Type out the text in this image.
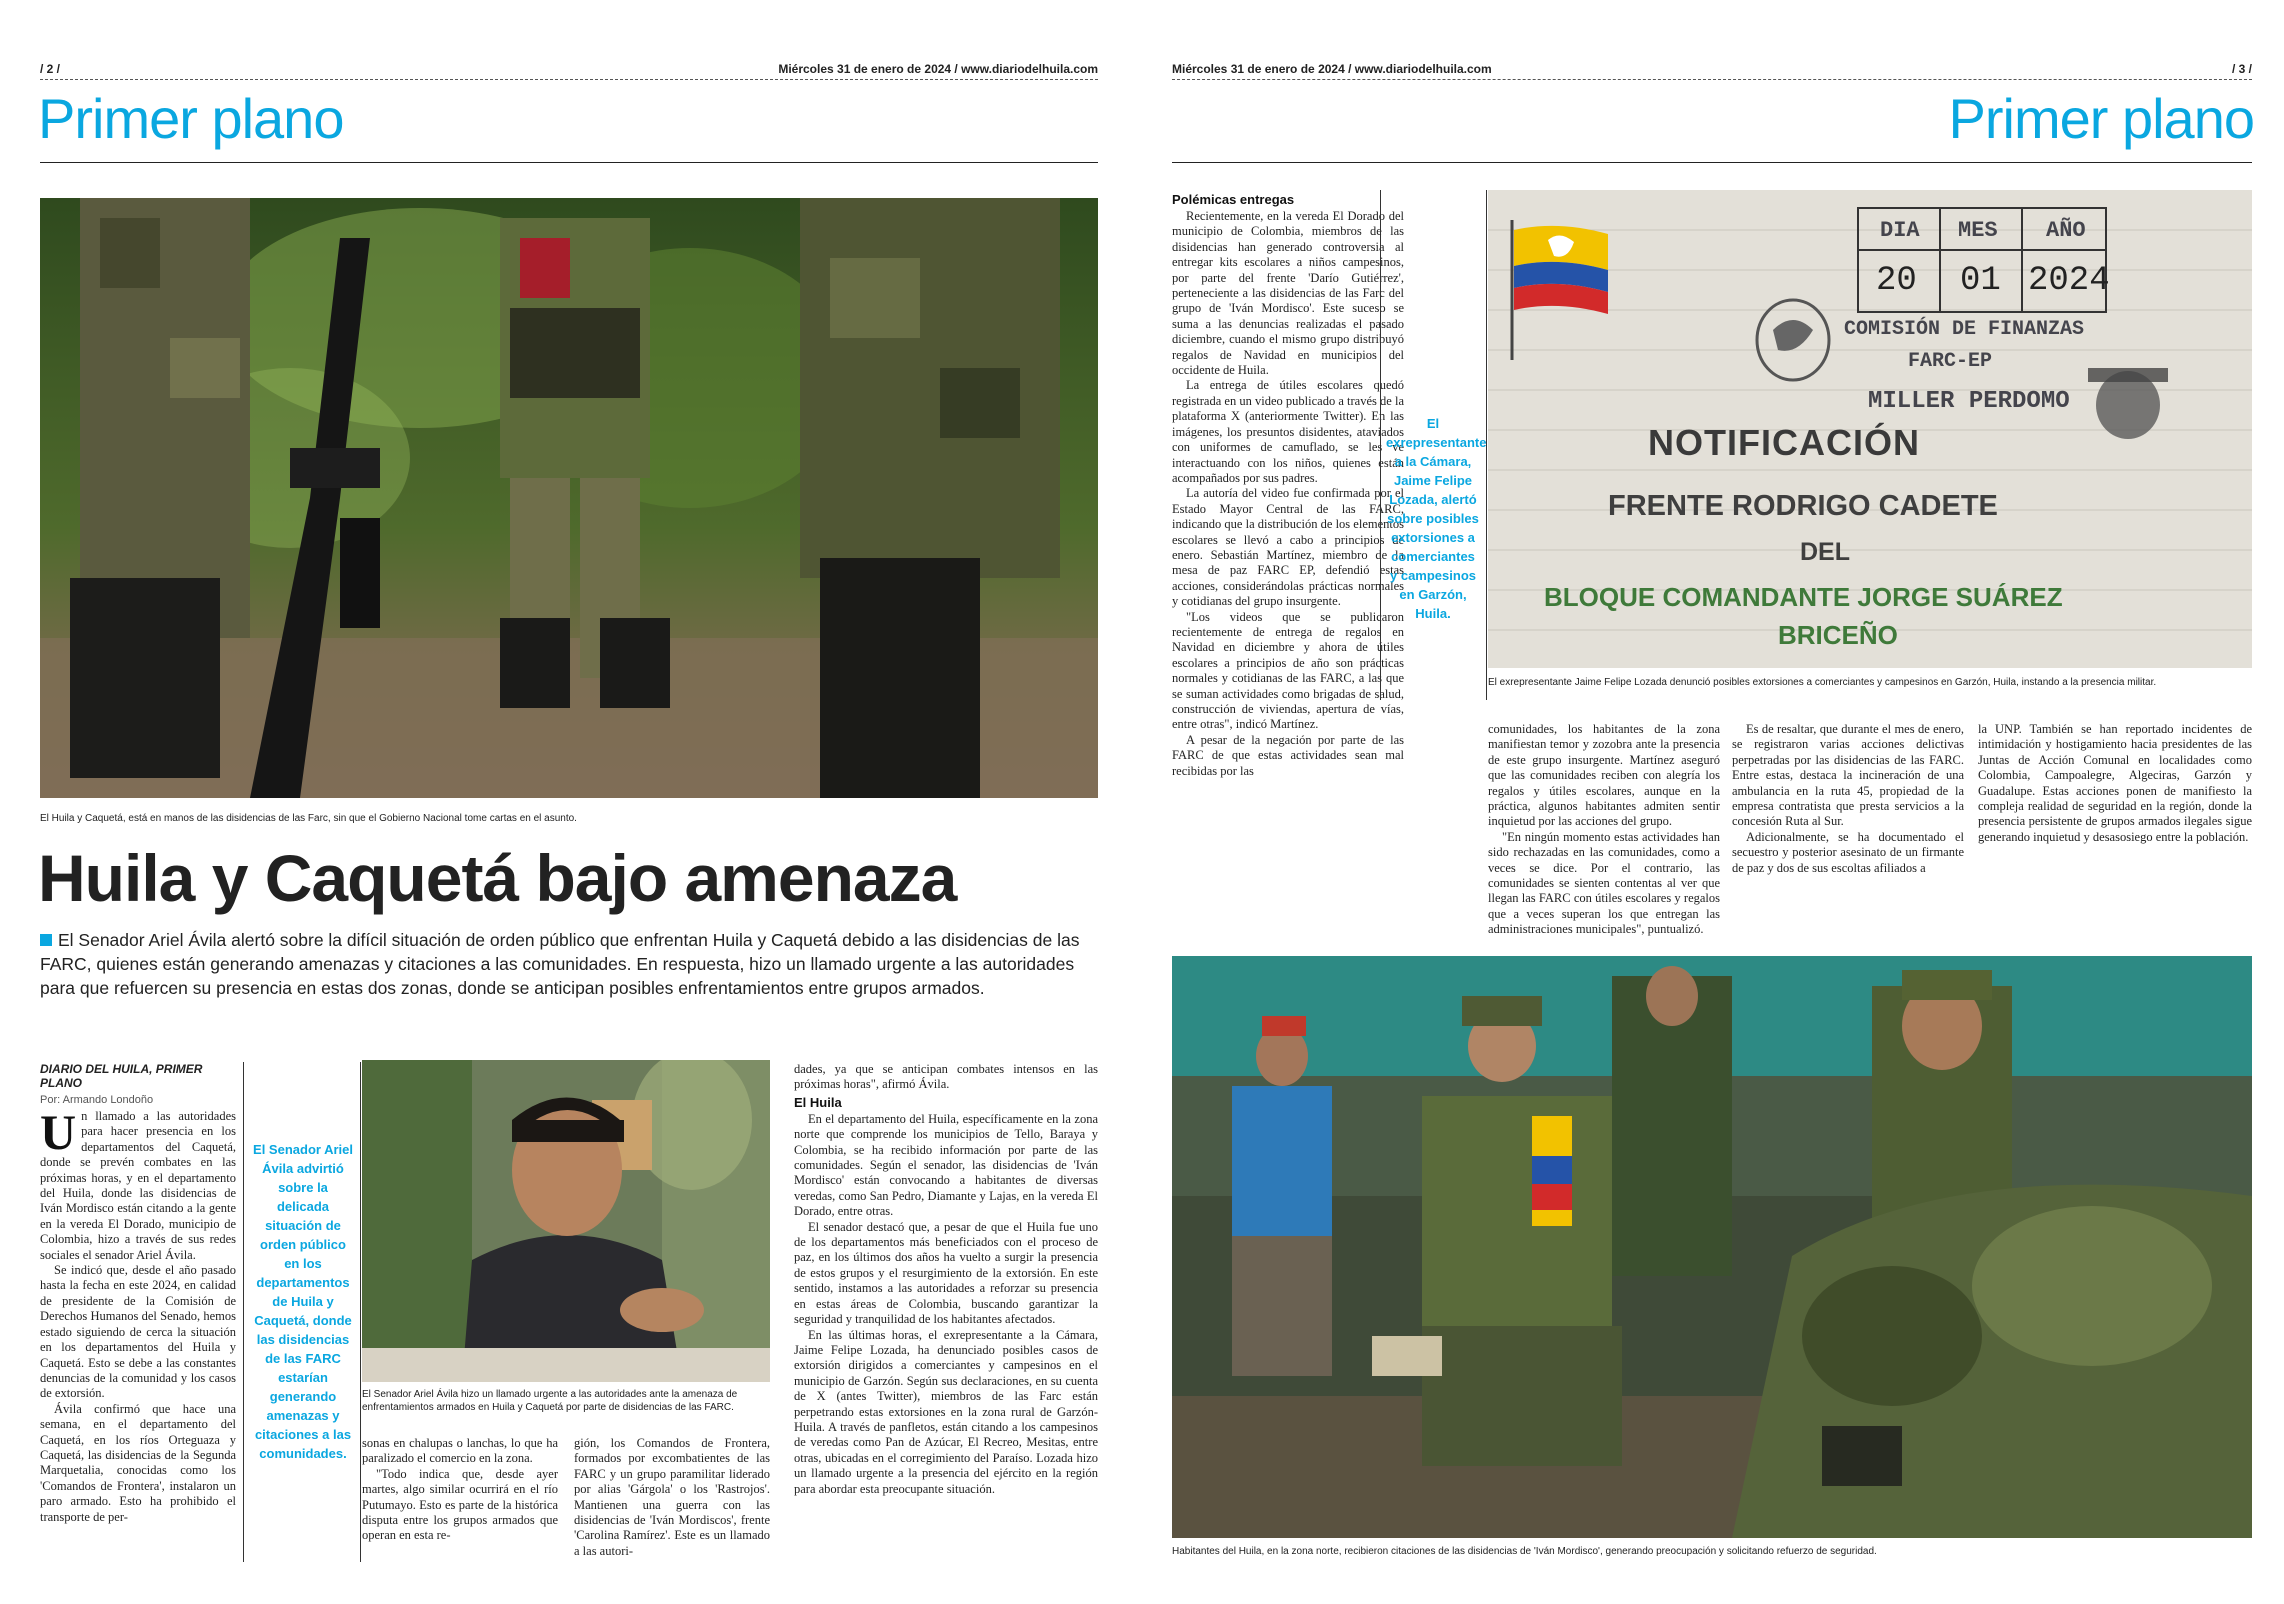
/ 2 /	Miércoles 31 de enero de 2024 / www.diariodelhuila.com
Primer plano
El Huila y Caquetá, está en manos de las disidencias de las Farc, sin que el Gobierno Nacional tome cartas en el asunto.
Huila y Caquetá bajo amenaza
El Senador Ariel Ávila alertó sobre la difícil situación de orden público que enfrentan Huila y Caquetá debido a las disidencias de las FARC, quienes están generando amenazas y citaciones a las comunidades. En respuesta, hizo un llamado urgente a las autoridades para que refuercen su presencia en estas dos zonas, donde se anticipan posibles enfrentamientos entre grupos armados.
DIARIO DEL HUILA, PRIMER PLANO
Por: Armando Londoño

Un llamado a las autoridades para hacer presencia en los departamentos del Caquetá, donde se prevén combates en las próximas horas, y en el departamento del Huila, donde las disidencias de Iván Mordisco están citando a la gente en la vereda El Dorado, municipio de Colombia, hizo a través de sus redes sociales el senador Ariel Ávila.

Se indicó que, desde el año pasado hasta la fecha en este 2024, en calidad de presidente de la Comisión de Derechos Humanos del Senado, hemos estado siguiendo de cerca la situación en los departamentos del Huila y Caquetá. Esto se debe a las constantes denuncias de la comunidad y los casos de extorsión.

Ávila confirmó que hace una semana, en el departamento del Caquetá, en los ríos Orteguaza y Caquetá, las disidencias de la Segunda Marquetalia, conocidas como los 'Comandos de Frontera', instalaron un paro armado. Esto ha prohibido el transporte de per-

El Senador Ariel Ávila advirtió sobre la delicada situación de orden público en los departamentos de Huila y Caquetá, donde las disidencias de las FARC estarían generando amenazas y citaciones a las comunidades.
El Senador Ariel Ávila hizo un llamado urgente a las autoridades ante la amenaza de enfrentamientos armados en Huila y Caquetá por parte de disidencias de las FARC.

sonas en chalupas o lanchas, lo que ha paralizado el comercio en la zona.

"Todo indica que, desde ayer martes, algo similar ocurrirá en el río Putumayo. Esto es parte de la histórica disputa entre los grupos armados que operan en esta re-

gión, los Comandos de Frontera, formados por excombatientes de las FARC y un grupo paramilitar liderado por alias 'Gárgola' o los 'Rastrojos'. Mantienen una guerra con las disidencias de 'Iván Mordiscos', frente 'Carolina Ramírez'. Este es un llamado a las autori-

dades, ya que se anticipan combates intensos en las próximas horas", afirmó Ávila.

El Huila

En el departamento del Huila, específicamente en la zona norte que comprende los municipios de Tello, Baraya y Colombia, se ha recibido información por parte de las comunidades. Según el senador, las disidencias de 'Iván Mordisco' están convocando a habitantes de diversas veredas, como San Pedro, Diamante y Lajas, en la vereda El Dorado, entre otras.

El senador destacó que, a pesar de que el Huila fue uno de los departamentos más beneficiados con el proceso de paz, en los últimos dos años ha vuelto a surgir la presencia de estos grupos y el resurgimiento de la extorsión. En este sentido, instamos a las autoridades a reforzar su presencia en estas áreas de Colombia, buscando garantizar la seguridad y tranquilidad de los habitantes afectados.

En las últimas horas, el exrepresentante a la Cámara, Jaime Felipe Lozada, ha denunciado posibles casos de extorsión dirigidos a comerciantes y campesinos en el municipio de Garzón. Según sus declaraciones, en su cuenta de X (antes Twitter), miembros de las Farc están perpetrando estas extorsiones en la zona rural de Garzón-Huila. A través de panfletos, están citando a los campesinos de veredas como Pan de Azúcar, El Recreo, Mesitas, entre otras, ubicadas en el corregimiento del Paraíso. Lozada hizo un llamado urgente a la presencia del ejército en la región para abordar esta preocupante situación.

Miércoles 31 de enero de 2024 / www.diariodelhuila.com	/ 3 /
Primer plano
Polémicas entregas

Recientemente, en la vereda El Dorado del municipio de Colombia, miembros de las disidencias han generado controversia al entregar kits escolares a niños campesinos, por parte del frente 'Darío Gutiérrez', perteneciente a las disidencias de las Farc del grupo de 'Iván Mordisco'. Este suceso se suma a las denuncias realizadas el pasado diciembre, cuando el mismo grupo distribuyó regalos de Navidad en municipios del occidente de Huila.

La entrega de útiles escolares quedó registrada en un video publicado a través de la plataforma X (anteriormente Twitter). En las imágenes, los presuntos disidentes, ataviados con uniformes de camuflado, se les ve interactuando con los niños, quienes están acompañados por sus padres.

La autoría del video fue confirmada por el Estado Mayor Central de las FARC, indicando que la distribución de los elementos escolares se llevó a cabo a principios de enero. Sebastián Martínez, miembro de la mesa de paz FARC EP, defendió estas acciones, considerándolas prácticas normales y cotidianas del grupo insurgente.

"Los videos que se publicaron recientemente de entrega de regalos en Navidad en diciembre y ahora de útiles escolares a principios de año son prácticas normales y cotidianas de las FARC, a las que se suman actividades como brigadas de salud, construcción de viviendas, apertura de vías, entre otras", indicó Martínez.

A pesar de la negación por parte de las FARC de que estas actividades sean mal recibidas por las

El exrepresentante a la Cámara, Jaime Felipe Lozada, alertó sobre posibles extorsiones a comerciantes y campesinos en Garzón, Huila.
DIA MES AÑO
20 01 2024
COMISIÓN DE FINANZAS
FARC-EP
MILLER PERDOMO
NOTIFICACIÓN
FRENTE RODRIGO CADETE
DEL
BLOQUE COMANDANTE JORGE SUÁREZ
BRICEÑO
El exrepresentante Jaime Felipe Lozada denunció posibles extorsiones a comerciantes y campesinos en Garzón, Huila, instando a la presencia militar.

comunidades, los habitantes de la zona manifiestan temor y zozobra ante la presencia de este grupo insurgente. Martínez aseguró que las comunidades reciben con alegría los regalos y útiles escolares, aunque en la práctica, algunos habitantes admiten sentir inquietud por las acciones del grupo.

"En ningún momento estas actividades han sido rechazadas en las comunidades, como a veces se dice. Por el contrario, las comunidades se sienten contentas al ver que llegan las FARC con útiles escolares y regalos que a veces superan los que entregan las administraciones municipales", puntualizó.

Es de resaltar, que durante el mes de enero, se registraron varias acciones delictivas perpetradas por las disidencias de las FARC. Entre estas, destaca la incineración de una ambulancia en la ruta 45, propiedad de la empresa contratista que presta servicios a la concesión Ruta al Sur.

Adicionalmente, se ha documentado el secuestro y posterior asesinato de un firmante de paz y dos de sus escoltas afiliados a

la UNP. También se han reportado incidentes de intimidación y hostigamiento hacia presidentes de las Juntas de Acción Comunal en localidades como Colombia, Campoalegre, Algeciras, Garzón y Guadalupe. Estas acciones ponen de manifiesto la compleja realidad de seguridad en la región, donde la presencia persistente de grupos armados ilegales sigue generando inquietud y desasosiego entre la población.

Habitantes del Huila, en la zona norte, recibieron citaciones de las disidencias de 'Iván Mordisco', generando preocupación y solicitando refuerzo de seguridad.
